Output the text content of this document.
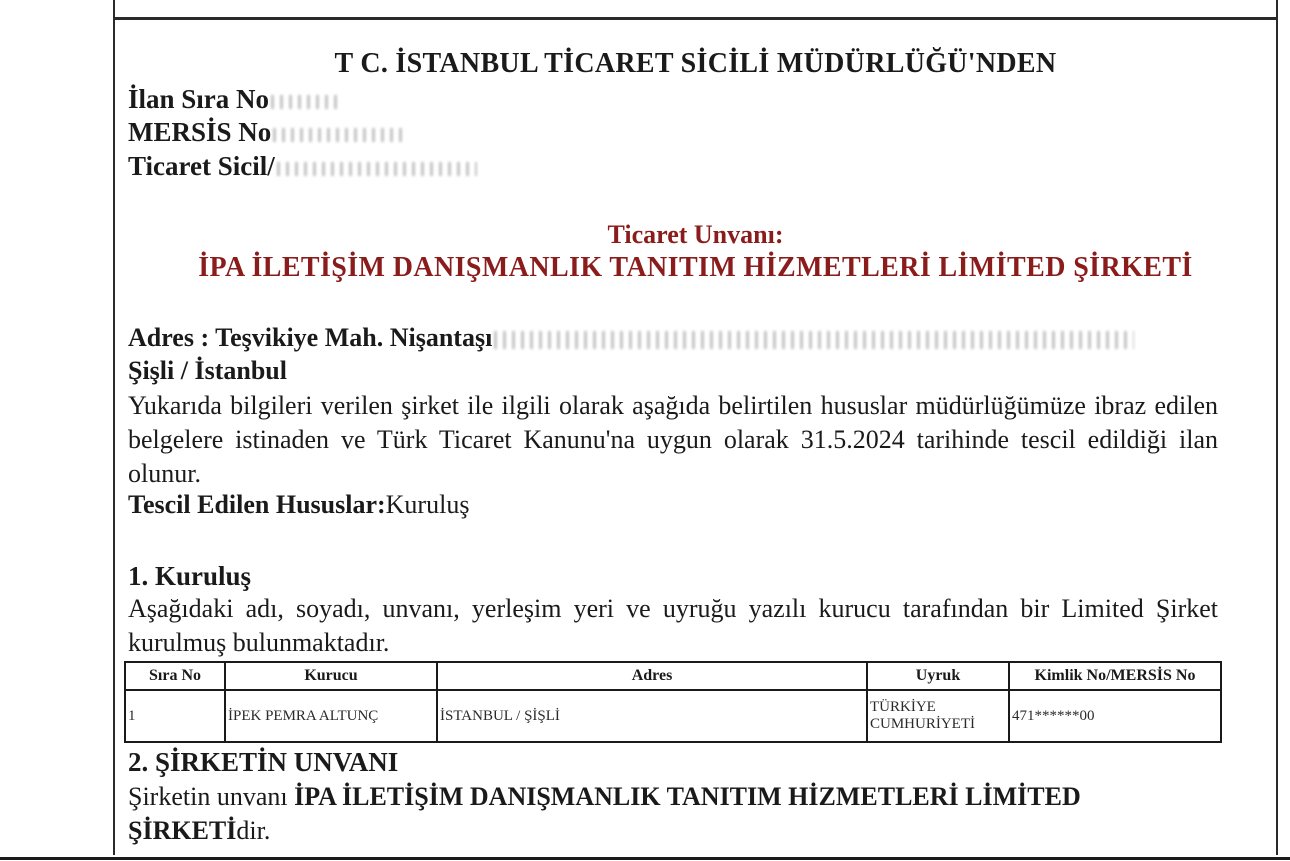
T C. İSTANBUL TİCARET SİCİLİ MÜDÜRLÜĞÜ'NDEN
İlan Sıra No
MERSİS No
Ticaret Sicil/
Ticaret Unvanı:
İPA İLETİŞİM DANIŞMANLIK TANITIM HİZMETLERİ LİMİTED ŞİRKETİ
Adres : Teşvikiye Mah. Nişantaşı
Şişli / İstanbul
Yukarıda bilgileri verilen şirket ile ilgili olarak aşağıda belirtilen hususlar müdürlüğümüze ibraz edilen belgelere istinaden ve Türk Ticaret Kanunu'na uygun olarak 31.5.2024 tarihinde tescil edildiği ilan olunur.
Tescil Edilen Hususlar:Kuruluş
1. Kuruluş
Aşağıdaki adı, soyadı, unvanı, yerleşim yeri ve uyruğu yazılı kurucu tarafından bir Limited Şirket kurulmuş bulunmaktadır.
Sıra No	Kurucu	Adres	Uyruk	Kimlik No/MERSİS No
1	İPEK PEMRA ALTUNÇ	İSTANBUL / ŞİŞLİ	TÜRKİYE CUMHURİYETİ	471******00
2. ŞİRKETİN UNVANI
Şirketin unvanı İPA İLETİŞİM DANIŞMANLIK TANITIM HİZMETLERİ LİMİTED ŞİRKETİdir.
